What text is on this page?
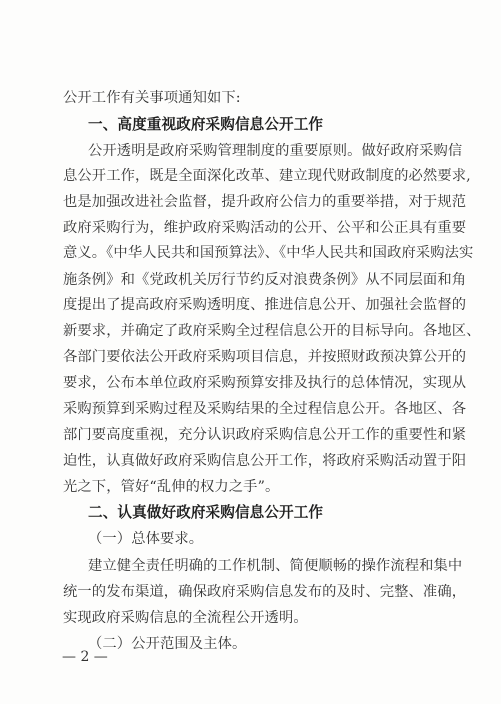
公开工作有关事项通知如下:
一、高度重视政府采购信息公开工作
公开透明是政府采购管理制度的重要原则。做好政府采购信
息公开工作，既是全面深化改革、建立现代财政制度的必然要求,
也是加强改进社会监督，提升政府公信力的重要举措，对于规范
政府采购行为，维护政府采购活动的公开、公平和公正具有重要
意义。《中华人民共和国预算法》、《中华人民共和国政府采购法实
施条例》和《党政机关厉行节约反对浪费条例》从不同层面和角
度提出了提高政府采购透明度、推进信息公开、加强社会监督的
新要求，并确定了政府采购全过程信息公开的目标导向。各地区、
各部门要依法公开政府采购项目信息，并按照财政预决算公开的
要求，公布本单位政府采购预算安排及执行的总体情况，实现从
采购预算到采购过程及采购结果的全过程信息公开。各地区、各
部门要高度重视，充分认识政府采购信息公开工作的重要性和紧
迫性，认真做好政府采购信息公开工作，将政府采购活动置于阳
光之下，管好“乱伸的权力之手”。
二、认真做好政府采购信息公开工作
（一）总体要求。
建立健全责任明确的工作机制、简便顺畅的操作流程和集中
统一的发布渠道，确保政府采购信息发布的及时、完整、准确，
实现政府采购信息的全流程公开透明。
（二）公开范围及主体。
— 2 —
